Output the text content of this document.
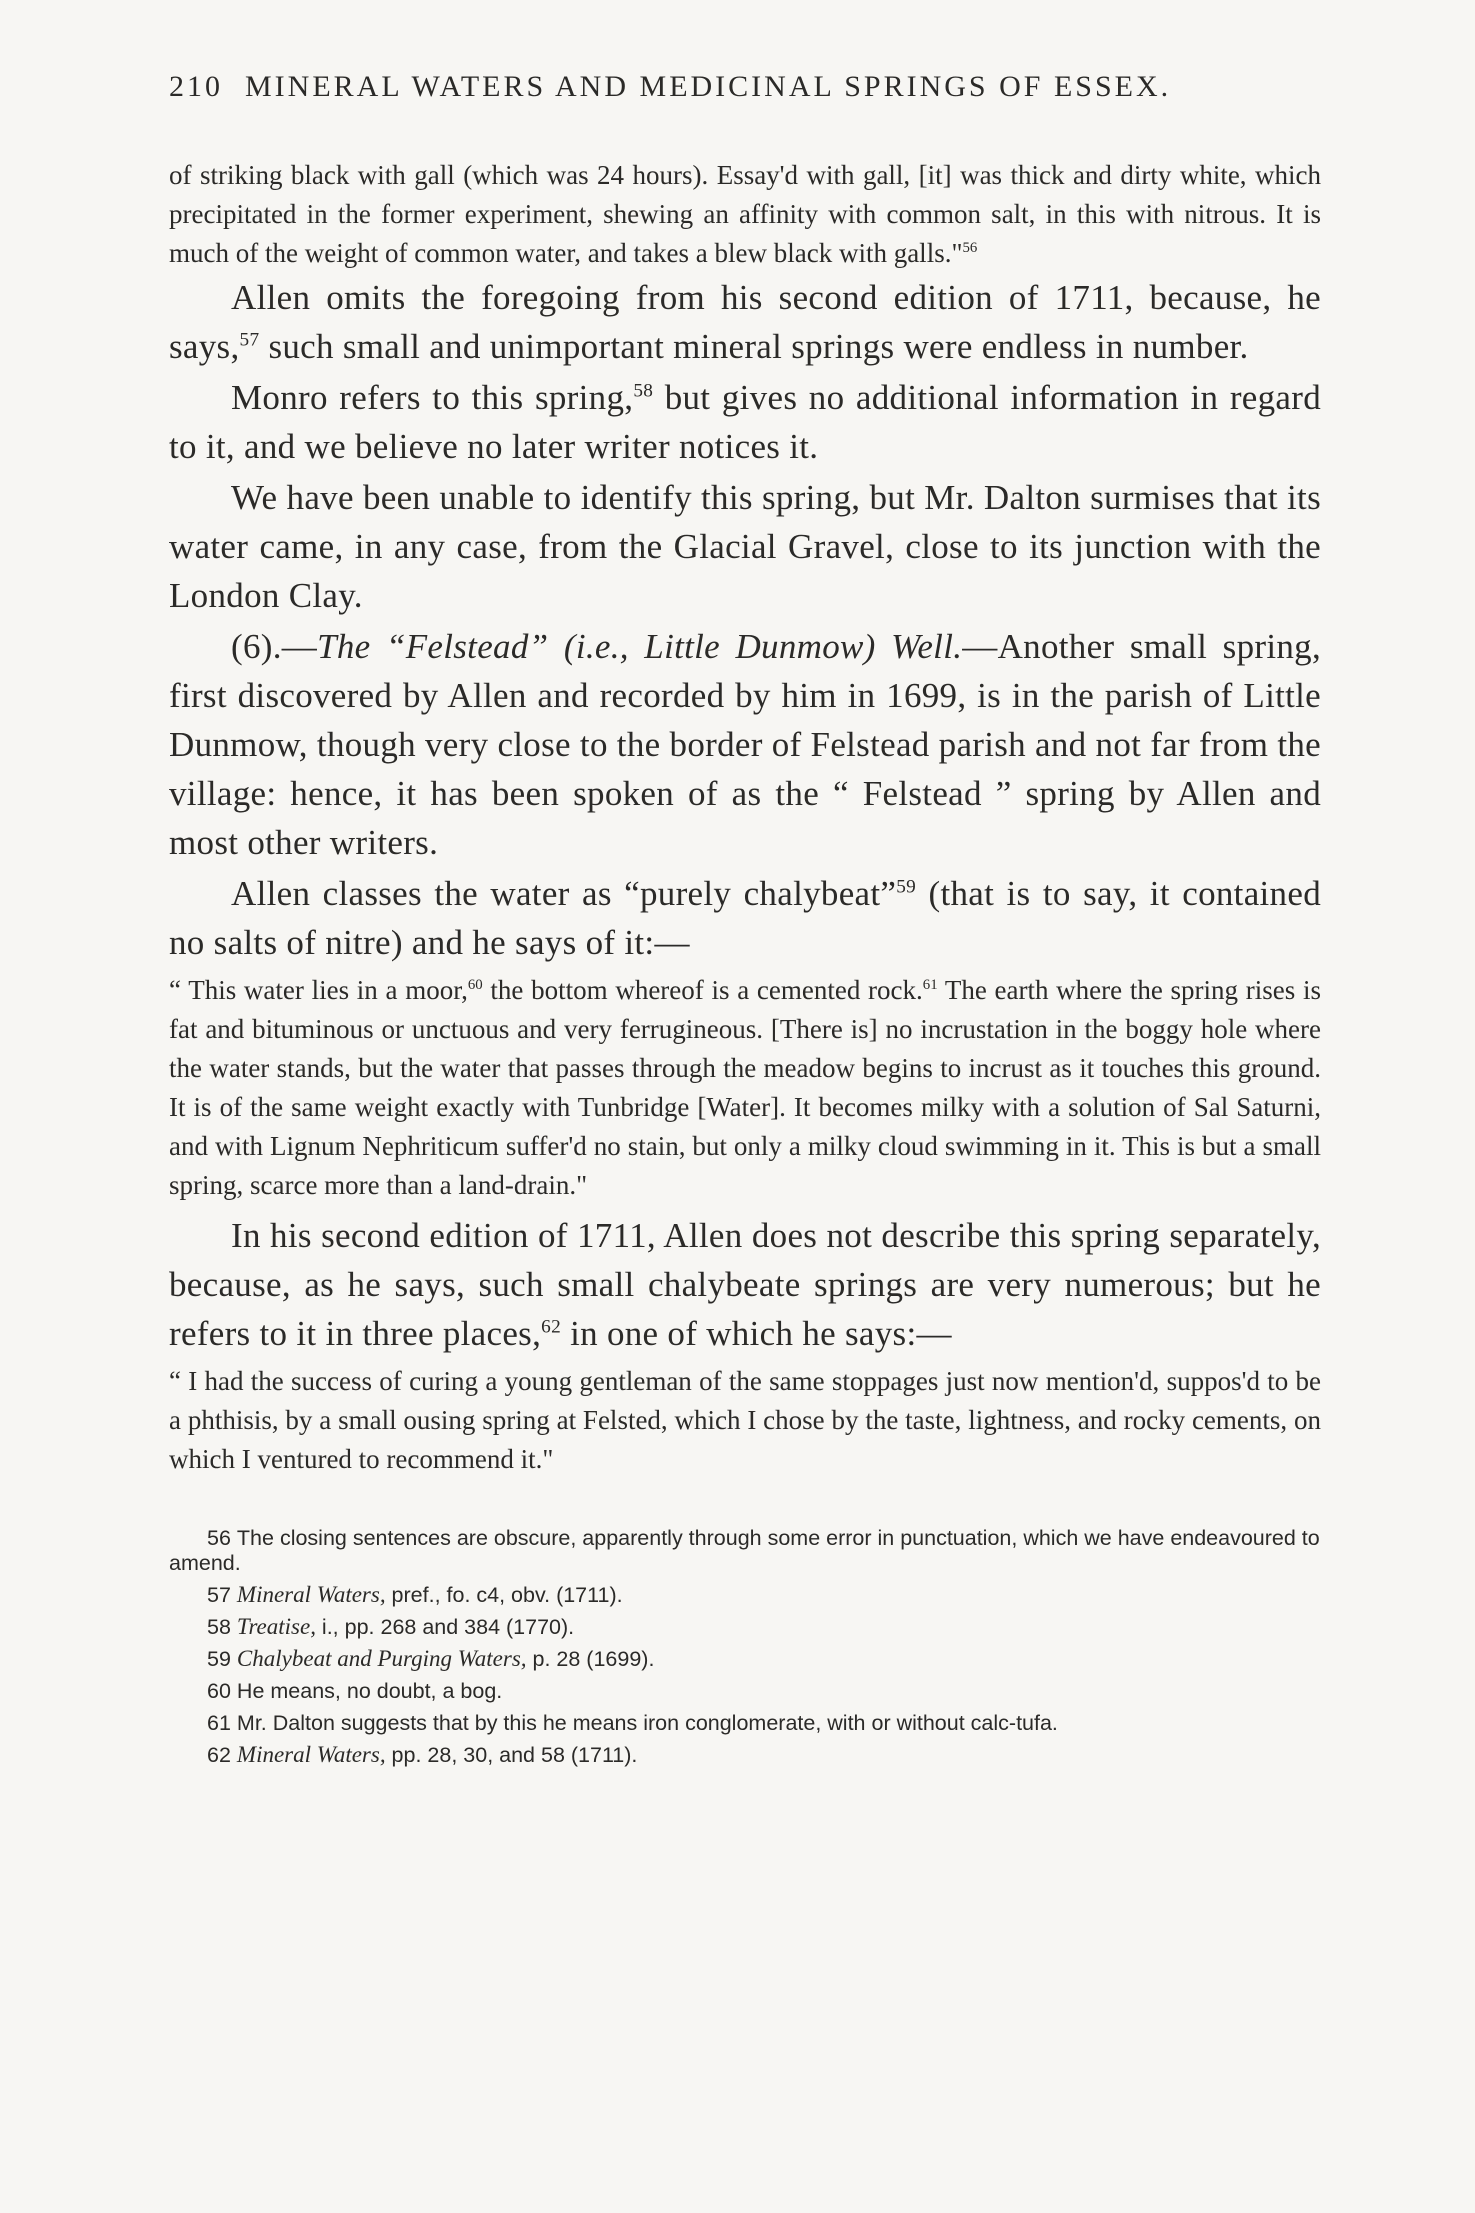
210 MINERAL WATERS AND MEDICINAL SPRINGS OF ESSEX.

of striking black with gall (which was 24 hours). Essay'd with gall, [it] was thick and dirty white, which precipitated in the former experiment, shewing an affinity with common salt, in this with nitrous. It is much of the weight of common water, and takes a blew black with galls."$^{56}$

Allen omits the foregoing from his second edition of 1711, because, he says,$^{57}$ such small and unimportant mineral springs were endless in number.

Monro refers to this spring,$^{58}$ but gives no additional information in regard to it, and we believe no later writer notices it.

We have been unable to identify this spring, but Mr. Dalton surmises that its water came, in any case, from the Glacial Gravel, close to its junction with the London Clay.

(6).—The “Felstead” (i.e., Little Dunmow) Well.—Another small spring, first discovered by Allen and recorded by him in 1699, is in the parish of Little Dunmow, though very close to the border of Felstead parish and not far from the village: hence, it has been spoken of as the “ Felstead ” spring by Allen and most other writers.

Allen classes the water as “purely chalybeat”$^{59}$ (that is to say, it contained no salts of nitre) and he says of it:—

“ This water lies in a moor,$^{60}$ the bottom whereof is a cemented rock.$^{61}$ The earth where the spring rises is fat and bituminous or unctuous and very ferrugineous. [There is] no incrustation in the boggy hole where the water stands, but the water that passes through the meadow begins to incrust as it touches this ground. It is of the same weight exactly with Tunbridge [Water]. It becomes milky with a solution of Sal Saturni, and with Lignum Nephriticum suffer'd no stain, but only a milky cloud swimming in it. This is but a small spring, scarce more than a land-drain."

In his second edition of 1711, Allen does not describe this spring separately, because, as he says, such small chalybeate springs are very numerous; but he refers to it in three places,$^{62}$ in one of which he says:—

“ I had the success of curing a young gentleman of the same stoppages just now mention'd, suppos'd to be a phthisis, by a small ousing spring at Felsted, which I chose by the taste, lightness, and rocky cements, on which I ventured to recommend it."

56 The closing sentences are obscure, apparently through some error in punctuation, which we have endeavoured to amend.

57 Mineral Waters, pref., fo. c4, obv. (1711).

58 Treatise, i., pp. 268 and 384 (1770).

59 Chalybeat and Purging Waters, p. 28 (1699).

60 He means, no doubt, a bog.

61 Mr. Dalton suggests that by this he means iron conglomerate, with or without calc-tufa.

62 Mineral Waters, pp. 28, 30, and 58 (1711).
